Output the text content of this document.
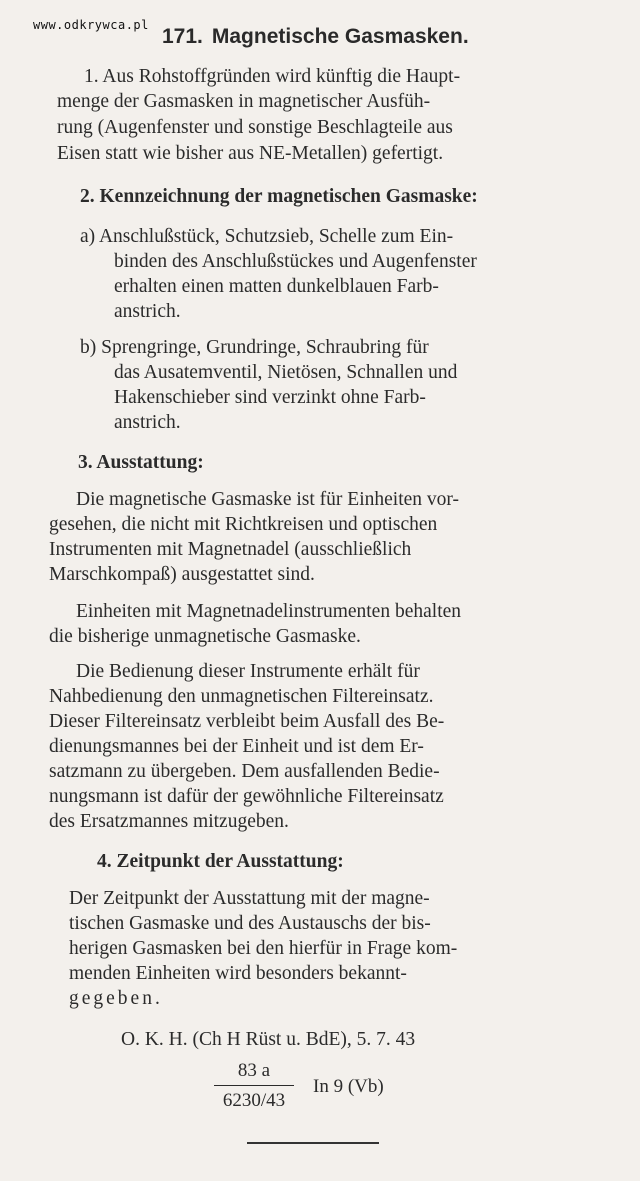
www.odkrywca.pl 171. Magnetische Gasmasken.
1. Aus Rohstoffgründen wird künftig die Haupt-
menge der Gasmasken in magnetischer Ausfüh-
rung (Augenfenster und sonstige Beschlagteile aus
Eisen statt wie bisher aus NE-Metallen) gefertigt.
2. Kennzeichnung der magnetischen Gasmaske:
a) Anschlußstück, Schutzsieb, Schelle zum Ein-
binden des Anschlußstückes und Augenfenster
erhalten einen matten dunkelblauen Farb-
anstrich.
b) Sprengringe, Grundringe, Schraubring für
das Ausatemventil, Nietösen, Schnallen und
Hakenschieber sind verzinkt ohne Farb-
anstrich.
3. Ausstattung:
Die magnetische Gasmaske ist für Einheiten vor-
gesehen, die nicht mit Richtkreisen und optischen
Instrumenten mit Magnetnadel (ausschließlich
Marschkompaß) ausgestattet sind.
Einheiten mit Magnetnadelinstrumenten behalten
die bisherige unmagnetische Gasmaske.
Die Bedienung dieser Instrumente erhält für
Nahbedienung den unmagnetischen Filtereinsatz.
Dieser Filtereinsatz verbleibt beim Ausfall des Be-
dienungsmannes bei der Einheit und ist dem Er-
satzmann zu übergeben. Dem ausfallenden Bedie-
nungsmann ist dafür der gewöhnliche Filtereinsatz
des Ersatzmannes mitzugeben.
4. Zeitpunkt der Ausstattung:
Der Zeitpunkt der Ausstattung mit der magne-
tischen Gasmaske und des Austauschs der bis-
herigen Gasmasken bei den hierfür in Frage kom-
menden Einheiten wird besonders bekannt-
gegeben.
O. K. H. (Ch H Rüst u. BdE), 5. 7. 43
$\frac{83 a}{6230/43}$ In 9 (Vb)
